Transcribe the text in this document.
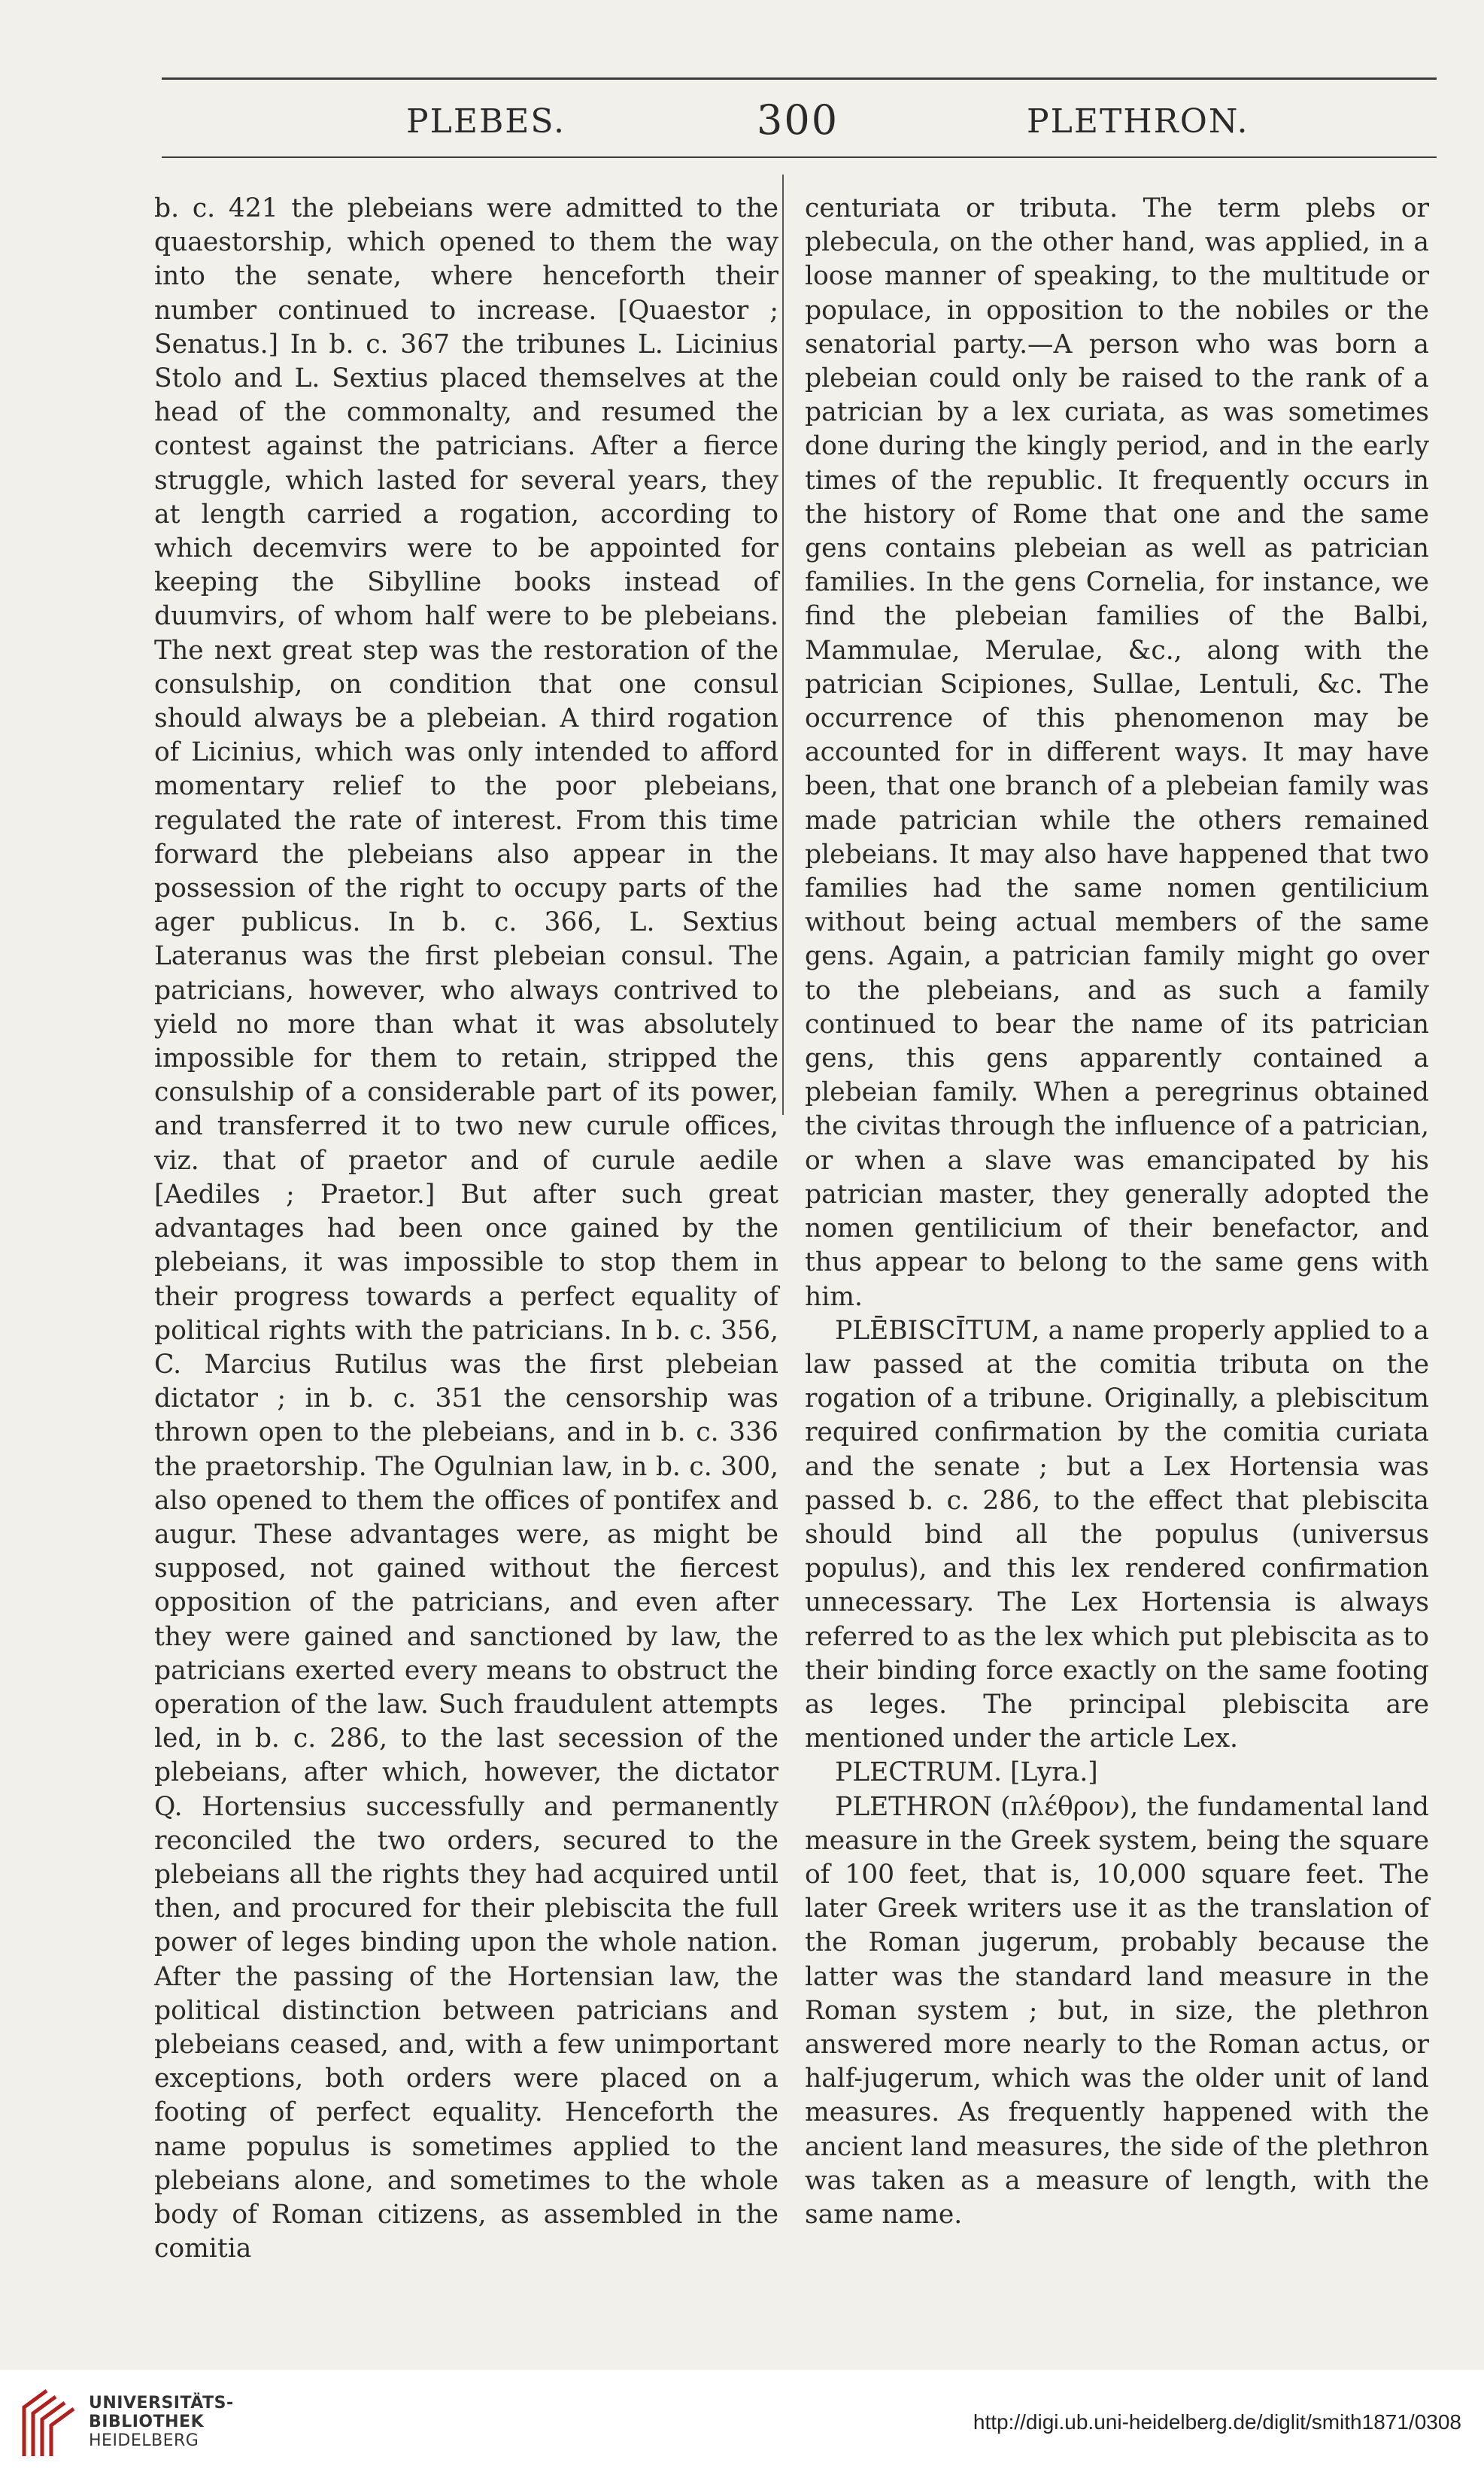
PLEBES.	300	PLETHRON.

b. c. 421 the plebeians were admitted to the quaestorship, which opened to them the way into the senate, where henceforth their number continued to increase. [Quaestor ; Senatus.] In b. c. 367 the tribunes L. Licinius Stolo and L. Sextius placed themselves at the head of the commonalty, and resumed the contest against the patricians. After a fierce struggle, which lasted for several years, they at length carried a rogation, according to which decemvirs were to be appointed for keeping the Sibylline books instead of duumvirs, of whom half were to be plebeians. The next great step was the restoration of the consulship, on condition that one consul should always be a plebeian. A third rogation of Licinius, which was only intended to afford momentary relief to the poor plebeians, regulated the rate of interest. From this time forward the plebeians also appear in the possession of the right to occupy parts of the ager publicus. In b. c. 366, L. Sextius Lateranus was the first plebeian consul. The patricians, however, who always contrived to yield no more than what it was absolutely impossible for them to retain, stripped the consulship of a considerable part of its power, and transferred it to two new curule offices, viz. that of praetor and of curule aedile [Aediles ; Praetor.] But after such great advantages had been once gained by the plebeians, it was impossible to stop them in their progress towards a perfect equality of political rights with the patricians. In b. c. 356, C. Marcius Rutilus was the first plebeian dictator ; in b. c. 351 the censorship was thrown open to the plebeians, and in b. c. 336 the praetorship. The Ogulnian law, in b. c. 300, also opened to them the offices of pontifex and augur. These advantages were, as might be supposed, not gained without the fiercest opposition of the patricians, and even after they were gained and sanctioned by law, the patricians exerted every means to obstruct the operation of the law. Such fraudulent attempts led, in b. c. 286, to the last secession of the plebeians, after which, however, the dictator Q. Hortensius successfully and permanently reconciled the two orders, secured to the plebeians all the rights they had acquired until then, and procured for their plebiscita the full power of leges binding upon the whole nation. After the passing of the Hortensian law, the political distinction between patricians and plebeians ceased, and, with a few unimportant exceptions, both orders were placed on a footing of perfect equality. Henceforth the name populus is sometimes applied to the plebeians alone, and sometimes to the whole body of Roman citizens, as assembled in the comitia

centuriata or tributa. The term plebs or plebecula, on the other hand, was applied, in a loose manner of speaking, to the multitude or populace, in opposition to the nobiles or the senatorial party.—A person who was born a plebeian could only be raised to the rank of a patrician by a lex curiata, as was sometimes done during the kingly period, and in the early times of the republic. It frequently occurs in the history of Rome that one and the same gens contains plebeian as well as patrician families. In the gens Cornelia, for instance, we find the plebeian families of the Balbi, Mammulae, Merulae, &c., along with the patrician Scipiones, Sullae, Lentuli, &c. The occurrence of this phenomenon may be accounted for in different ways. It may have been, that one branch of a plebeian family was made patrician while the others remained plebeians. It may also have happened that two families had the same nomen gentilicium without being actual members of the same gens. Again, a patrician family might go over to the plebeians, and as such a family continued to bear the name of its patrician gens, this gens apparently contained a plebeian family. When a peregrinus obtained the civitas through the influence of a patrician, or when a slave was emancipated by his patrician master, they generally adopted the nomen gentilicium of their benefactor, and thus appear to belong to the same gens with him.

PLĒBISCĪTUM, a name properly applied to a law passed at the comitia tributa on the rogation of a tribune. Originally, a plebiscitum required confirmation by the comitia curiata and the senate ; but a Lex Hortensia was passed b. c. 286, to the effect that plebiscita should bind all the populus (universus populus), and this lex rendered confirmation unnecessary. The Lex Hortensia is always referred to as the lex which put plebiscita as to their binding force exactly on the same footing as leges. The principal plebiscita are mentioned under the article Lex.

PLECTRUM. [Lyra.]

PLETHRON (πλέθρον), the fundamental land measure in the Greek system, being the square of 100 feet, that is, 10,000 square feet. The later Greek writers use it as the translation of the Roman jugerum, probably because the latter was the standard land measure in the Roman system ; but, in size, the plethron answered more nearly to the Roman actus, or half-jugerum, which was the older unit of land measures. As frequently happened with the ancient land measures, the side of the plethron was taken as a measure of length, with the same name.

UNIVERSITÄTS-
BIBLIOTHEK
HEIDELBERG
http://digi.ub.uni-heidelberg.de/diglit/smith1871/0308
